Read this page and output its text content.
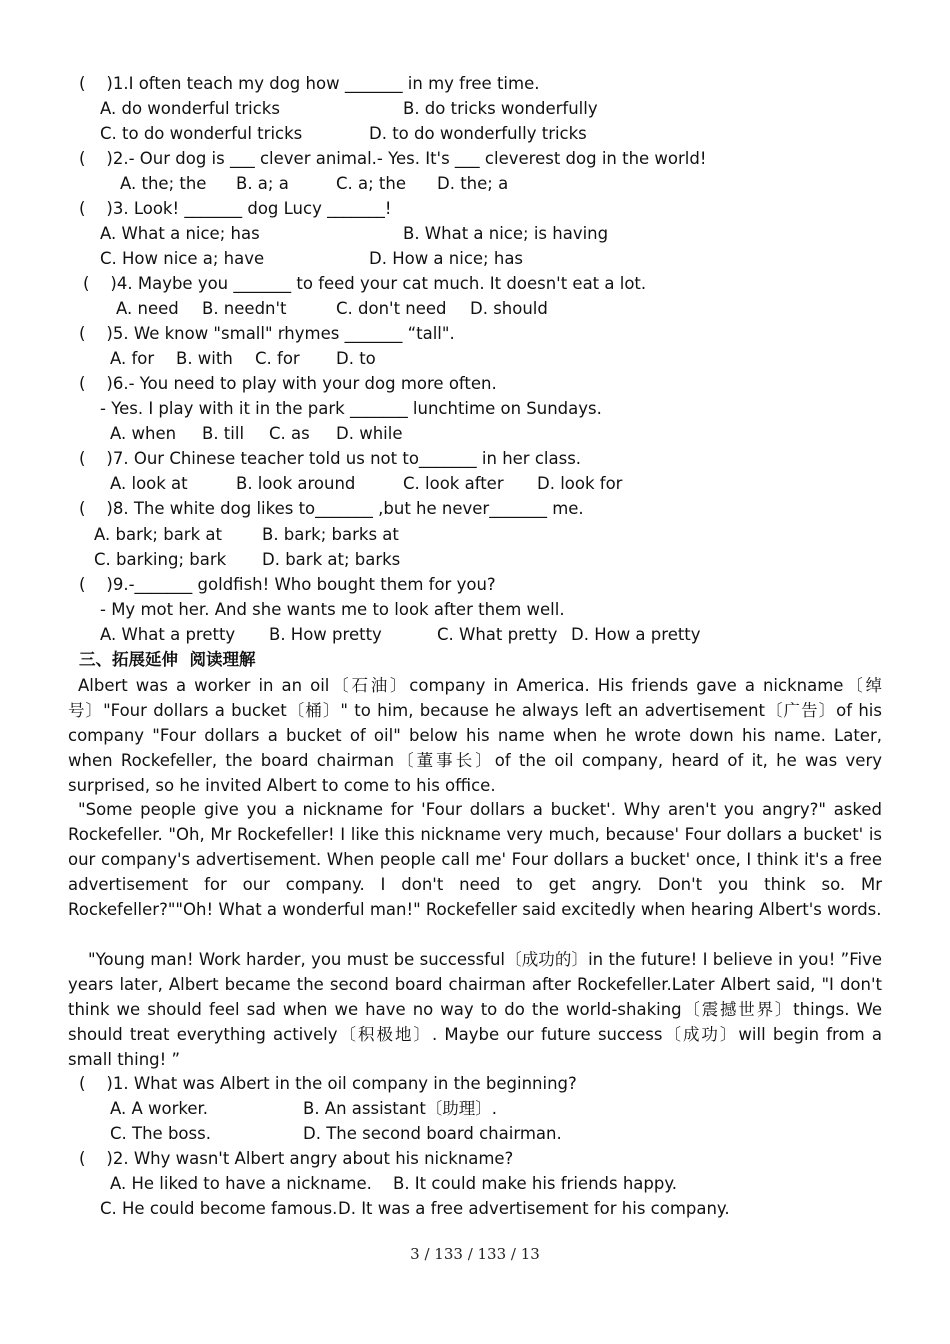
(    )1.I often teach my dog how _______ in my free time.
A. do wonderful tricks	B. do tricks wonderfully
C. to do wonderful tricks	D. to do wonderfully tricks
(    )2.- Our dog is ___ clever animal.- Yes. It's ___ cleverest dog in the world!
A. the; the B. a; a	C. a; the D. the; a
(    )3. Look! _______ dog Lucy _______!
A. What a nice; has	B. What a nice; is having
C. How nice a; have	D. How a nice; has
(    )4. Maybe you _______ to feed your cat much. It doesn't eat a lot.
A. need B. needn't	C. don't need D. should
(    )5. We know "small" rhymes _______ “tall".
A. for B. with C. for D. to
(    )6.- You need to play with your dog more often.
- Yes. I play with it in the park _______ lunchtime on Sundays.
A. when B. till C. as D. while
(    )7. Our Chinese teacher told us not to_______ in her class.
A. look at	B. look around	C. look after D. look for
(    )8. The white dog likes to_______ ,but he never_______ me.
A. bark; bark at B. bark; barks at
C. barking; bark D. bark at; barks
(    )9.-_______ goldfish! Who bought them for you?
- My mot her. And she wants me to look after them well.
A. What a pretty B. How pretty	C. What pretty D. How a pretty
三、拓展延伸  阅读理解
Albert was a worker in an oil〔石油〕company in America. His friends gave a nickname〔绰号〕"Four dollars a bucket〔桶〕" to him, because he always left an advertisement〔广告〕of his company "Four dollars a bucket of oil" below his name when he wrote down his name. Later, when Rockefeller, the board chairman〔董事长〕of the oil company, heard of it, he was very surprised, so he invited Albert to come to his office.
"Some people give you a nickname for 'Four dollars a bucket'. Why aren't you angry?" asked Rockefeller. "Oh, Mr Rockefeller! I like this nickname very much, because' Four dollars a bucket' is our company's advertisement. When people call me' Four dollars a bucket' once, I think it's a free advertisement for our company. I don't need to get angry. Don't you think so. Mr Rockefeller?""Oh! What a wonderful man!" Rockefeller said excitedly when hearing Albert's words.
"Young man! Work harder, you must be successful〔成功的〕in the future! I believe in you! ”Five years later, Albert became the second board chairman after Rockefeller.Later Albert said, "I don't think we should feel sad when we have no way to do the world-shaking〔震撼世界〕things. We should treat everything actively〔积极地〕. Maybe our future success〔成功〕will begin from a small thing! ”
(    )1. What was Albert in the oil company in the beginning?
A. A worker.	B. An assistant〔助理〕.
C. The boss.	D. The second board chairman.
(    )2. Why wasn't Albert angry about his nickname?
A. He liked to have a nickname. B. It could make his friends happy.
C. He could become famous. D. It was a free advertisement for his company.
3 / 133 / 133 / 13
